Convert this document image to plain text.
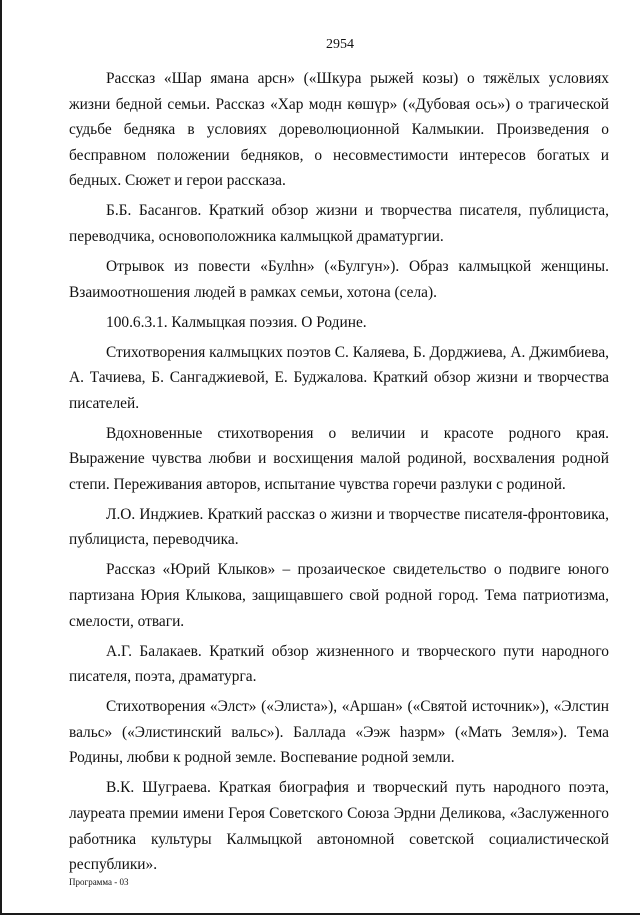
2954

Рассказ «Шар ямана арсн» («Шкура рыжей козы) о тяжёлых условиях жизни бедной семьи. Рассказ «Хар модн көшүр» («Дубовая ось») о трагической судьбе бедняка в условиях дореволюционной Калмыкии. Произведения о бесправном положении бедняков, о несовместимости интересов богатых и бедных. Сюжет и герои рассказа.

Б.Б. Басангов. Краткий обзор жизни и творчества писателя, публициста, переводчика, основоположника калмыцкой драматургии.

Отрывок из повести «Булһн» («Булгун»). Образ калмыцкой женщины. Взаимоотношения людей в рамках семьи, хотона (села).

100.6.3.1. Калмыцкая поэзия. О Родине.

Стихотворения калмыцких поэтов С. Каляева, Б. Дорджиева, А. Джимбиева, А. Тачиева, Б. Сангаджиевой, Е. Буджалова. Краткий обзор жизни и творчества писателей.

Вдохновенные стихотворения о величии и красоте родного края. Выражение чувства любви и восхищения малой родиной, восхваления родной степи. Переживания авторов, испытание чувства горечи разлуки с родиной.

Л.О. Инджиев. Краткий рассказ о жизни и творчестве писателя-фронтовика, публициста, переводчика.

Рассказ «Юрий Клыков» – прозаическое свидетельство о подвиге юного партизана Юрия Клыкова, защищавшего свой родной город. Тема патриотизма, смелости, отваги.

А.Г. Балакаев. Краткий обзор жизненного и творческого пути народного писателя, поэта, драматурга.

Стихотворения «Элст» («Элиста»), «Аршан» («Святой источник»), «Элстин вальс» («Элистинский вальс»). Баллада «Ээж һазрм» («Мать Земля»). Тема Родины, любви к родной земле. Воспевание родной земли.

В.К. Шуграева. Краткая биография и творческий путь народного поэта, лауреата премии имени Героя Советского Союза Эрдни Деликова, «Заслуженного работника культуры Калмыцкой автономной советской социалистической республики».

Программа - 03
